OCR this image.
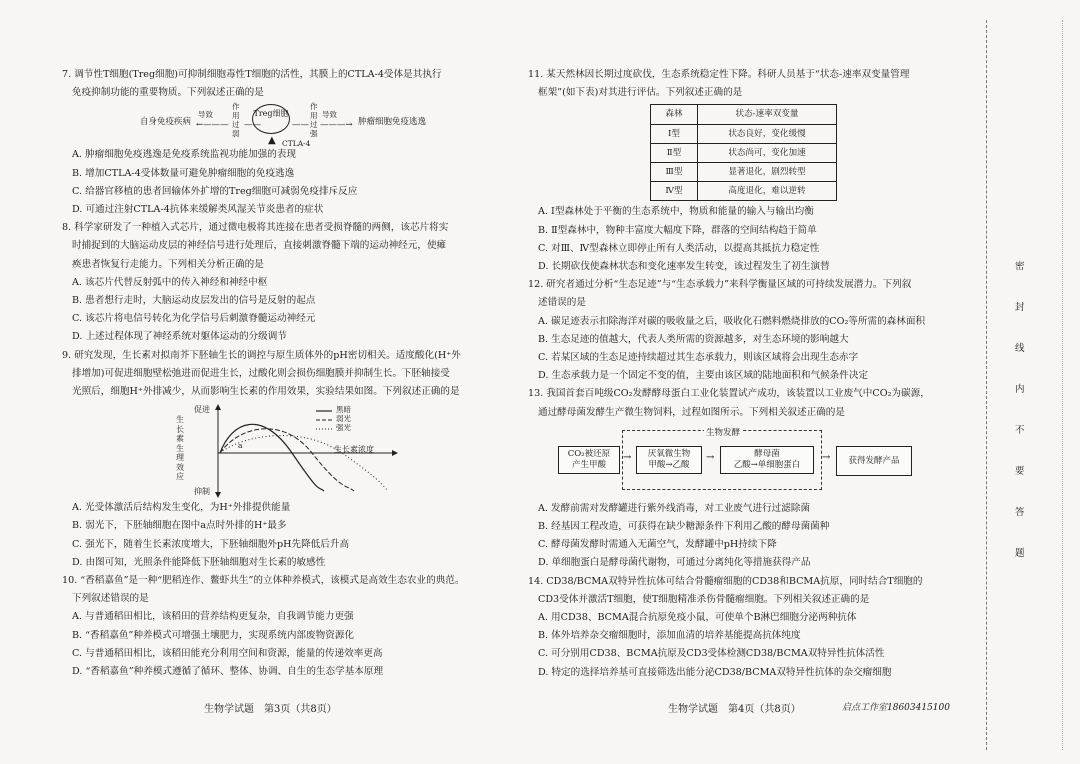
7. 调节性T细胞(Treg细胞)可抑制细胞毒性T细胞的活性，其膜上的CTLA-4受体是其执行

免疫抑制功能的重要物质。下列叙述正确的是

自身免疫疾病
导致
←———
作用过弱
——
Treg细胞
——
作用过强
导致
———→ 肿瘤细胞免疫逃逸
▲ CTLA-4

A. 肿瘤细胞免疫逃逸是免疫系统监视功能加强的表现

B. 增加CTLA-4受体数量可避免肿瘤细胞的免疫逃逸

C. 给器官移植的患者回输体外扩增的Treg细胞可减弱免疫排斥反应

D. 可通过注射CTLA-4抗体来缓解类风湿关节炎患者的症状

8. 科学家研发了一种植入式芯片，通过微电极将其连接在患者受损脊髓的两侧，该芯片将实

时捕捉到的大脑运动皮层的神经信号进行处理后，直接刺激脊髓下端的运动神经元，使瘫

痪患者恢复行走能力。下列相关分析正确的是

A. 该芯片代替反射弧中的传入神经和神经中枢

B. 患者想行走时，大脑运动皮层发出的信号是反射的起点

C. 该芯片将电信号转化为化学信号后刺激脊髓运动神经元

D. 上述过程体现了神经系统对躯体运动的分级调节

9. 研究发现，生长素对拟南芥下胚轴生长的调控与原生质体外的pH密切相关。适度酸化(H⁺外

排增加)可促进细胞壁松弛进而促进生长，过酸化则会损伤细胞膜并抑制生长。下胚轴接受

光照后，细胞H⁺外排减少，从而影响生长素的作用效果，实验结果如图。下列叙述正确的是

促进
抑制
生长素生理效应
生长素浓度
a
黑暗
弱光
强光

A. 光受体激活后结构发生变化，为H⁺外排提供能量

B. 弱光下，下胚轴细胞在图中a点时外排的H⁺最多

C. 强光下，随着生长素浓度增大，下胚轴细胞外pH先降低后升高

D. 由图可知，光照条件能降低下胚轴细胞对生长素的敏感性

10. “香稻嘉鱼”是一种“肥稻连作、鳖虾共生”的立体种养模式，该模式是高效生态农业的典范。

下列叙述错误的是

A. 与普通稻田相比，该稻田的营养结构更复杂，自我调节能力更强

B. “香稻嘉鱼”种养模式可增强土壤肥力，实现系统内部废物资源化

C. 与普通稻田相比，该稻田能充分利用空间和资源，能量的传递效率更高

D. “香稻嘉鱼”种养模式遵循了循环、整体、协调、自生的生态学基本原理

生物学试题　第3页（共8页）

11. 某天然林因长期过度砍伐，生态系统稳定性下降。科研人员基于“状态-速率双变量管理

框架”(如下表)对其进行评估。下列叙述正确的是

森林	状态-速率双变量
Ⅰ型	状态良好，变化缓慢
Ⅱ型	状态尚可，变化加速
Ⅲ型	显著退化，剧烈转型
Ⅳ型	高度退化，难以逆转

A. Ⅰ型森林处于平衡的生态系统中，物质和能量的输入与输出均衡

B. Ⅱ型森林中，物种丰富度大幅度下降，群落的空间结构趋于简单

C. 对Ⅲ、Ⅳ型森林立即停止所有人类活动，以提高其抵抗力稳定性

D. 长期砍伐使森林状态和变化速率发生转变，该过程发生了初生演替

12. 研究者通过分析“生态足迹”与“生态承载力”来科学衡量区域的可持续发展潜力。下列叙

述错误的是

A. 碳足迹表示扣除海洋对碳的吸收量之后，吸收化石燃料燃烧排放的CO₂等所需的森林面积

B. 生态足迹的值越大，代表人类所需的资源越多，对生态环境的影响越大

C. 若某区域的生态足迹持续超过其生态承载力，则该区域将会出现生态赤字

D. 生态承载力是一个固定不变的值，主要由该区域的陆地面积和气候条件决定

13. 我国首套百吨级CO₂发酵酵母蛋白工业化装置试产成功，该装置以工业废气中CO₂为碳源，

通过酵母菌发酵生产微生物饲料，过程如图所示。下列相关叙述正确的是

生物发酵
CO₂被还原
产生甲酸
→	厌氧微生物
甲酸→乙酸
→	酵母菌
乙酸→单细胞蛋白
→	获得发酵产品

A. 发酵前需对发酵罐进行紫外线消毒，对工业废气进行过滤除菌

B. 经基因工程改造，可获得在缺少糖源条件下利用乙酸的酵母菌菌种

C. 酵母菌发酵时需通入无菌空气，发酵罐中pH持续下降

D. 单细胞蛋白是酵母菌代谢物，可通过分离纯化等措施获得产品

14. CD38/BCMA双特异性抗体可结合骨髓瘤细胞的CD38和BCMA抗原，同时结合T细胞的

CD3受体并激活T细胞，使T细胞精准杀伤骨髓瘤细胞。下列相关叙述正确的是

A. 用CD38、BCMA混合抗原免疫小鼠，可使单个B淋巴细胞分泌两种抗体

B. 体外培养杂交瘤细胞时，添加血清的培养基能提高抗体纯度

C. 可分别用CD38、BCMA抗原及CD3受体检测CD38/BCMA双特异性抗体活性

D. 特定的选择培养基可直接筛选出能分泌CD38/BCMA双特异性抗体的杂交瘤细胞

生物学试题　第4页（共8页）	启点工作室18603415100
密
封
线
内
不
要
答
题
